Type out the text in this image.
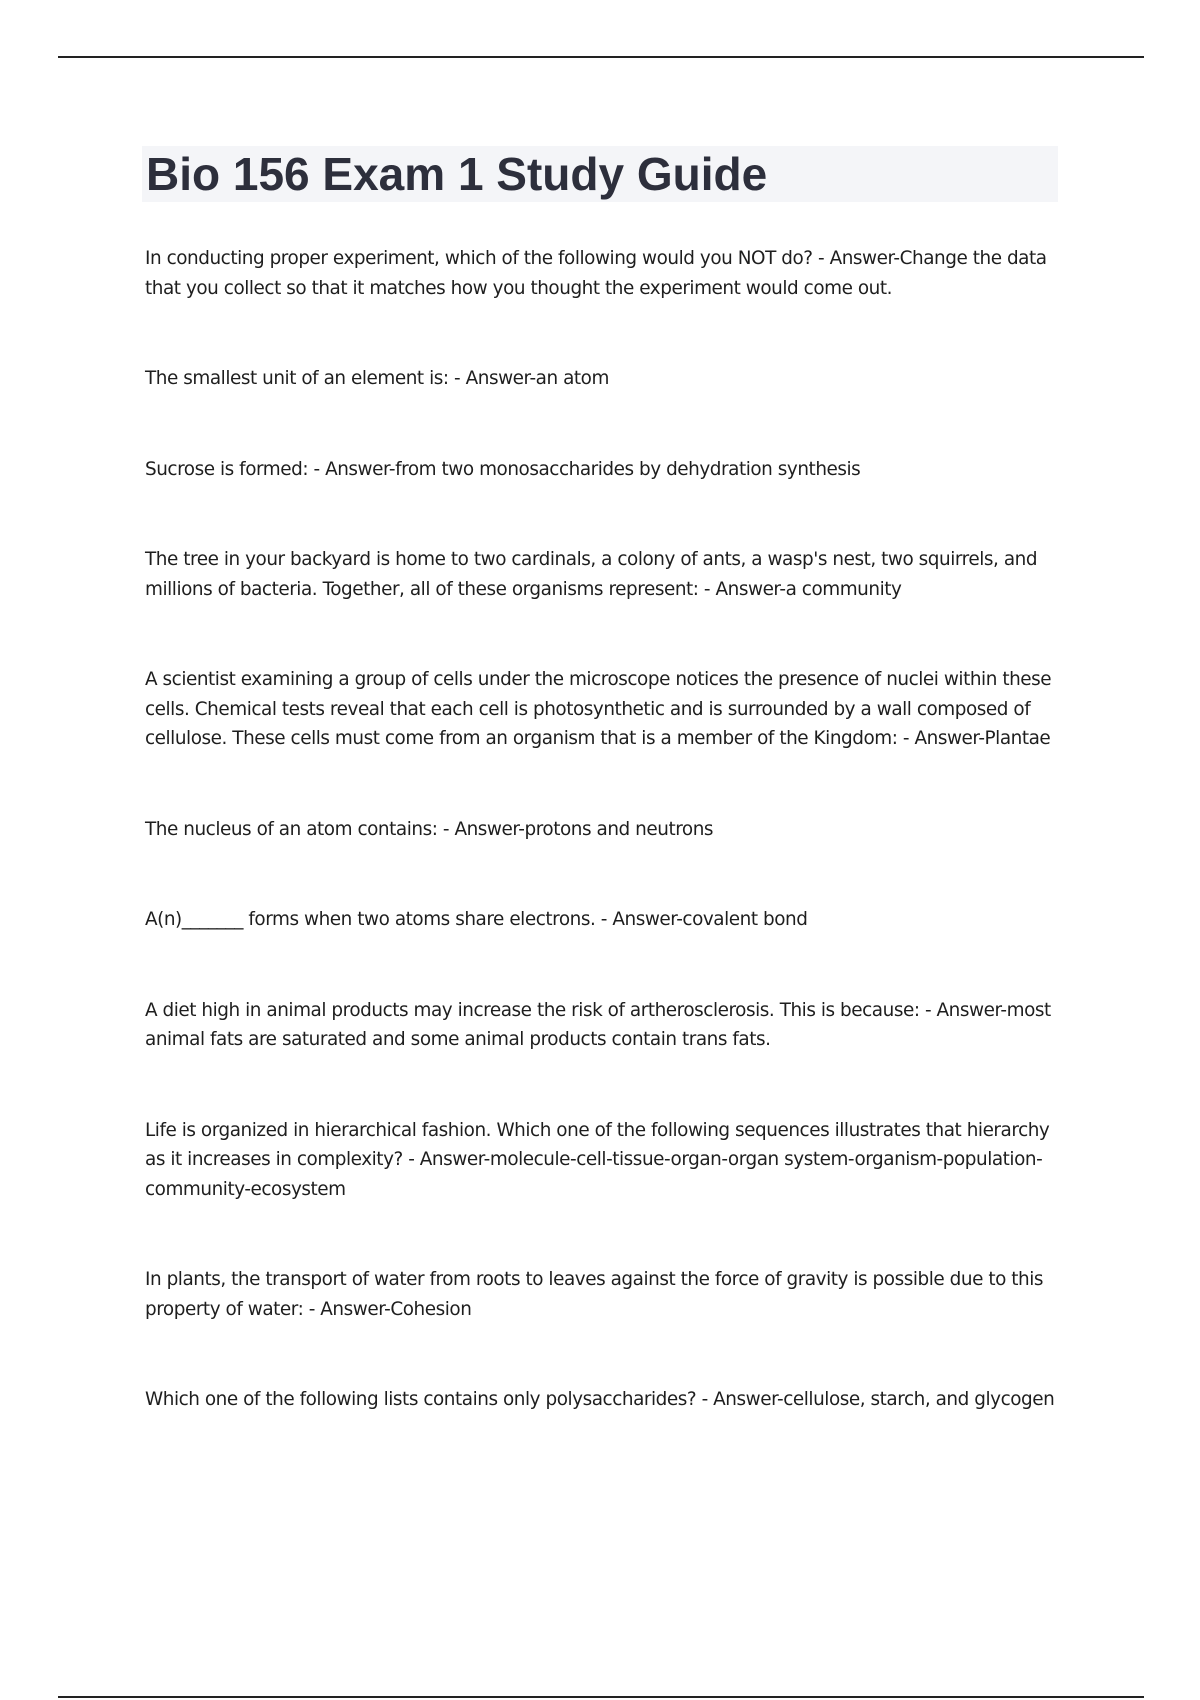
Bio 156 Exam 1 Study Guide
In conducting proper experiment, which of the following would you NOT do? - Answer-Change the data that you collect so that it matches how you thought the experiment would come out.
The smallest unit of an element is: - Answer-an atom
Sucrose is formed: - Answer-from two monosaccharides by dehydration synthesis
The tree in your backyard is home to two cardinals, a colony of ants, a wasp's nest, two squirrels, and millions of bacteria. Together, all of these organisms represent: - Answer-a community
A scientist examining a group of cells under the microscope notices the presence of nuclei within these cells. Chemical tests reveal that each cell is photosynthetic and is surrounded by a wall composed of cellulose. These cells must come from an organism that is a member of the Kingdom: - Answer-Plantae
The nucleus of an atom contains: - Answer-protons and neutrons
A(n)_______ forms when two atoms share electrons. - Answer-covalent bond
A diet high in animal products may increase the risk of artherosclerosis. This is because: - Answer-most animal fats are saturated and some animal products contain trans fats.
Life is organized in hierarchical fashion. Which one of the following sequences illustrates that hierarchy as it increases in complexity? - Answer-molecule-cell-tissue-organ-organ system-organism-population-community-ecosystem
In plants, the transport of water from roots to leaves against the force of gravity is possible due to this property of water: - Answer-Cohesion
Which one of the following lists contains only polysaccharides? - Answer-cellulose, starch, and glycogen
